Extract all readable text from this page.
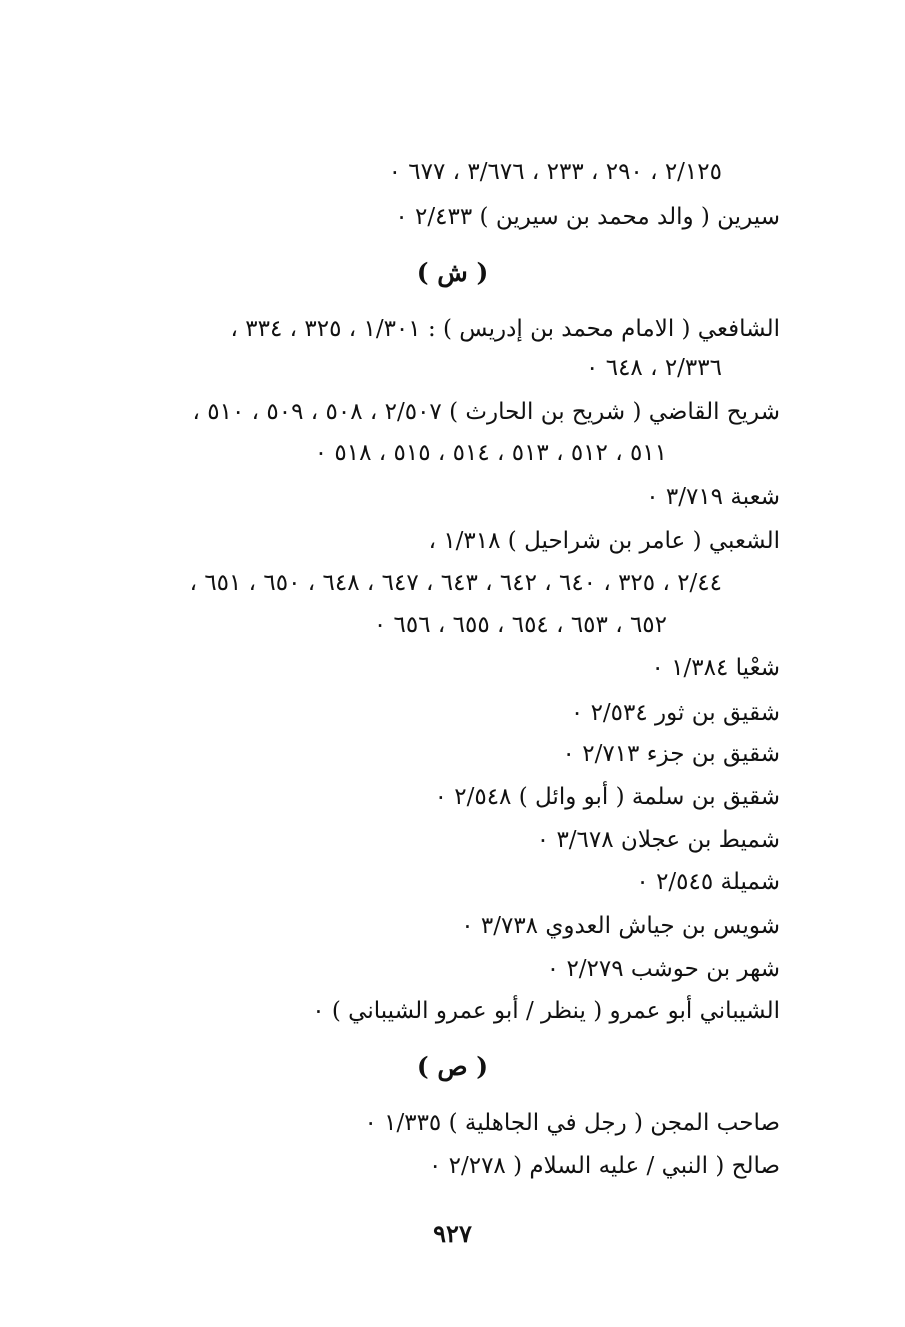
٢/١٢٥ ، ٢٩٠ ، ٢٣٣ ، ٣/٦٧٦ ، ٦٧٧ ٠
سيرين ( والد محمد بن سيرين ) ٢/٤٣٣ ٠
( ش )
الشافعي ( الامام محمد بن إدريس ) : ١/٣٠١ ، ٣٢٥ ، ٣٣٤ ،
٢/٣٣٦ ، ٦٤٨ ٠
شريح القاضي ( شريح بن الحارث ) ٢/٥٠٧ ، ٥٠٨ ، ٥٠٩ ، ٥١٠ ،
٥١١ ، ٥١٢ ، ٥١٣ ، ٥١٤ ، ٥١٥ ، ٥١٨ ٠
شعبة ٣/٧١٩ ٠
الشعبي ( عامر بن شراحيل ) ١/٣١٨ ،
٢/٤٤ ، ٣٢٥ ، ٦٤٠ ، ٦٤٢ ، ٦٤٣ ، ٦٤٧ ، ٦٤٨ ، ٦٥٠ ، ٦٥١ ،
٦٥٢ ، ٦٥٣ ، ٦٥٤ ، ٦٥٥ ، ٦٥٦ ٠
شعْيا ١/٣٨٤ ٠
شقيق بن ثور ٢/٥٣٤ ٠
شقيق بن جزء ٢/٧١٣ ٠
شقيق بن سلمة ( أبو وائل ) ٢/٥٤٨ ٠
شميط بن عجلان ٣/٦٧٨ ٠
شميلة ٢/٥٤٥ ٠
شويس بن جياش العدوي ٣/٧٣٨ ٠
شهر بن حوشب ٢/٢٧٩ ٠
الشيباني أبو عمرو ( ينظر / أبو عمرو الشيباني ) ٠
( ص )
صاحب المجن ( رجل في الجاهلية ) ١/٣٣٥ ٠
صالح ( النبي / عليه السلام ( ٢/٢٧٨ ٠
٩٢٧
